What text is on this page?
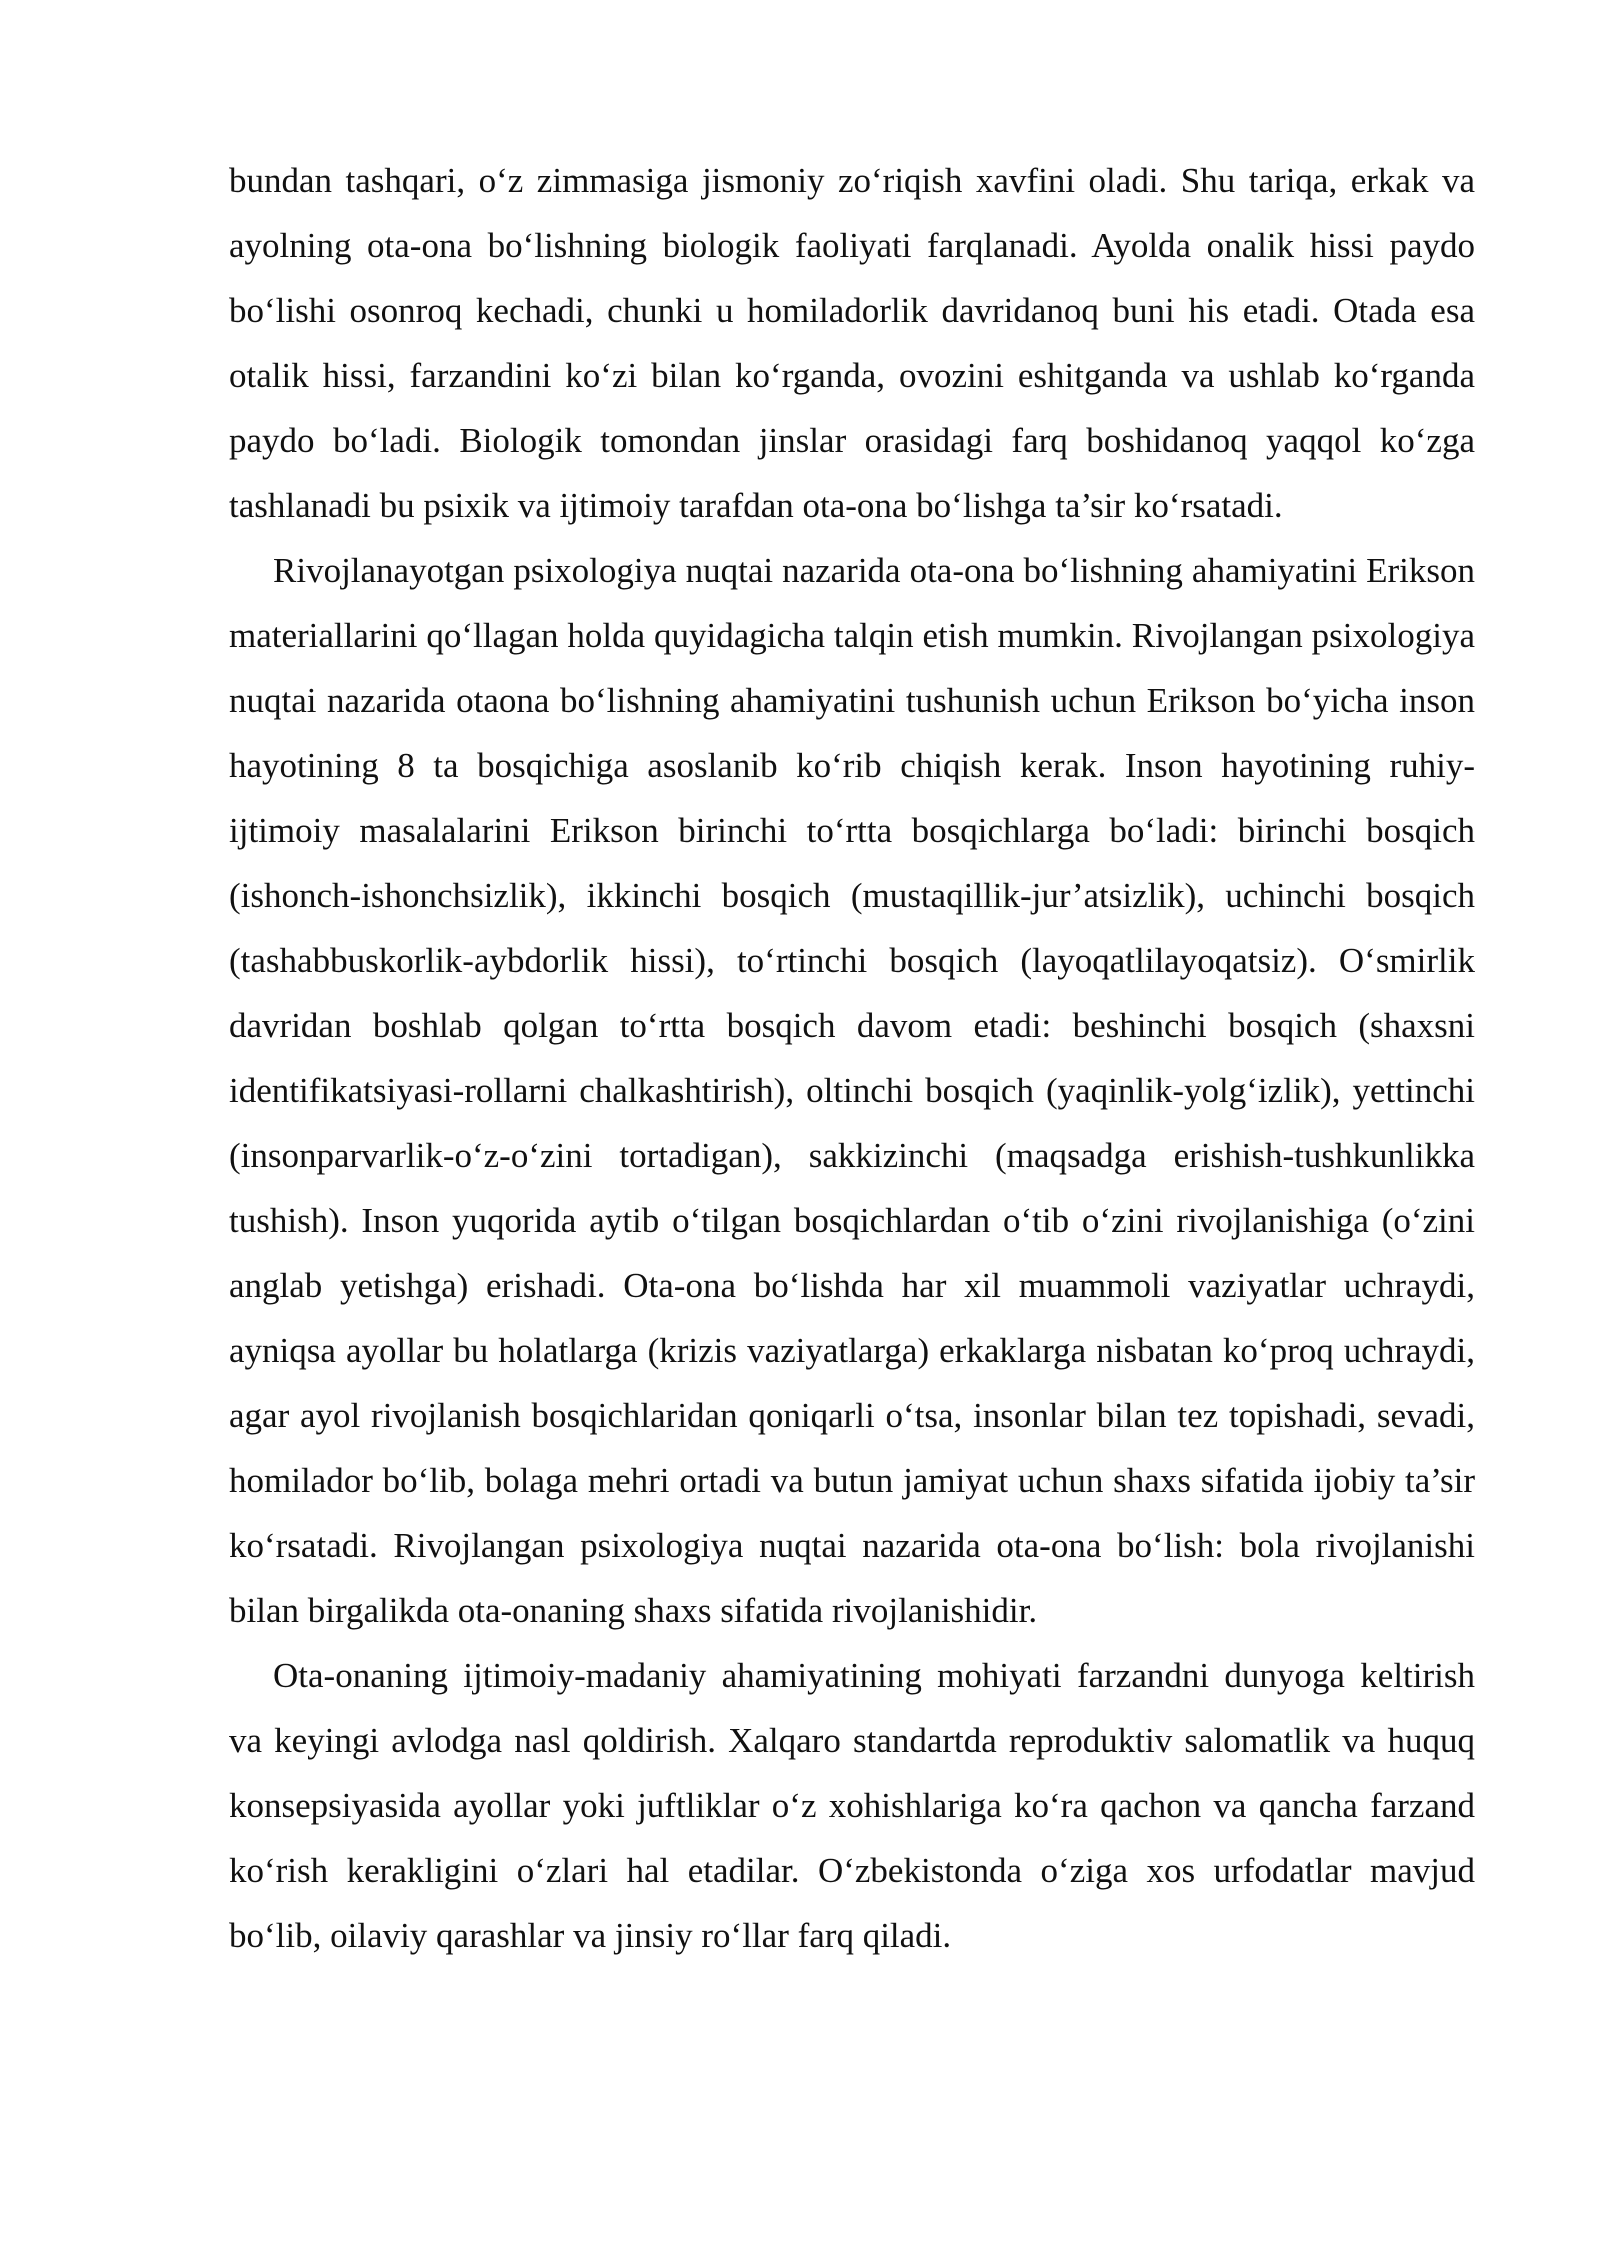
bundan tashqari, o‘z zimmasiga jismoniy zo‘riqish xavfini oladi. Shu tariqa, erkak va ayolning ota-ona bo‘lishning biologik faoliyati farqlanadi. Ayolda onalik hissi paydo bo‘lishi osonroq kechadi, chunki u homiladorlik davridanoq buni his etadi. Otada esa otalik hissi, farzandini ko‘zi bilan ko‘rganda, ovozini eshitganda va ushlab ko‘rganda paydo bo‘ladi. Biologik tomondan jinslar orasidagi farq boshidanoq yaqqol ko‘zga tashlanadi bu psixik va ijtimoiy tarafdan ota-ona bo‘lishga ta’sir ko‘rsatadi.

Rivojlanayotgan psixologiya nuqtai nazarida ota-ona bo‘lishning ahamiyatini Erikson materiallarini qo‘llagan holda quyidagicha talqin etish mumkin. Rivojlangan psixologiya nuqtai nazarida otaona bo‘lishning ahamiyatini tushunish uchun Erikson bo‘yicha inson hayotining 8 ta bosqichiga asoslanib ko‘rib chiqish kerak. Inson hayotining ruhiy-ijtimoiy masalalarini Erikson birinchi to‘rtta bosqichlarga bo‘ladi: birinchi bosqich (ishonch-ishonchsizlik), ikkinchi bosqich (mustaqillik-jur’atsizlik), uchinchi bosqich (tashabbuskorlik-aybdorlik hissi), to‘rtinchi bosqich (layoqatlilayoqatsiz). O‘smirlik davridan boshlab qolgan to‘rtta bosqich davom etadi: beshinchi bosqich (shaxsni identifikatsiyasi-rollarni chalkashtirish), oltinchi bosqich (yaqinlik-yolg‘izlik), yettinchi (insonparvarlik-o‘z-o‘zini tortadigan), sakkizinchi (maqsadga erishish-tushkunlikka tushish). Inson yuqorida aytib o‘tilgan bosqichlardan o‘tib o‘zini rivojlanishiga (o‘zini anglab yetishga) erishadi. Ota-ona bo‘lishda har xil muammoli vaziyatlar uchraydi, ayniqsa ayollar bu holatlarga (krizis vaziyatlarga) erkaklarga nisbatan ko‘proq uchraydi, agar ayol rivojlanish bosqichlaridan qoniqarli o‘tsa, insonlar bilan tez topishadi, sevadi, homilador bo‘lib, bolaga mehri ortadi va butun jamiyat uchun shaxs sifatida ijobiy ta’sir ko‘rsatadi. Rivojlangan psixologiya nuqtai nazarida ota-ona bo‘lish: bola rivojlanishi bilan birgalikda ota-onaning shaxs sifatida rivojlanishidir.

Ota-onaning ijtimoiy-madaniy ahamiyatining mohiyati farzandni dunyoga keltirish va keyingi avlodga nasl qoldirish. Xalqaro standartda reproduktiv salomatlik va huquq konsepsiyasida ayollar yoki juftliklar o‘z xohishlariga ko‘ra qachon va qancha farzand ko‘rish kerakligini o‘zlari hal etadilar. O‘zbekistonda o‘ziga xos urfodatlar mavjud bo‘lib, oilaviy qarashlar va jinsiy ro‘llar farq qiladi.
